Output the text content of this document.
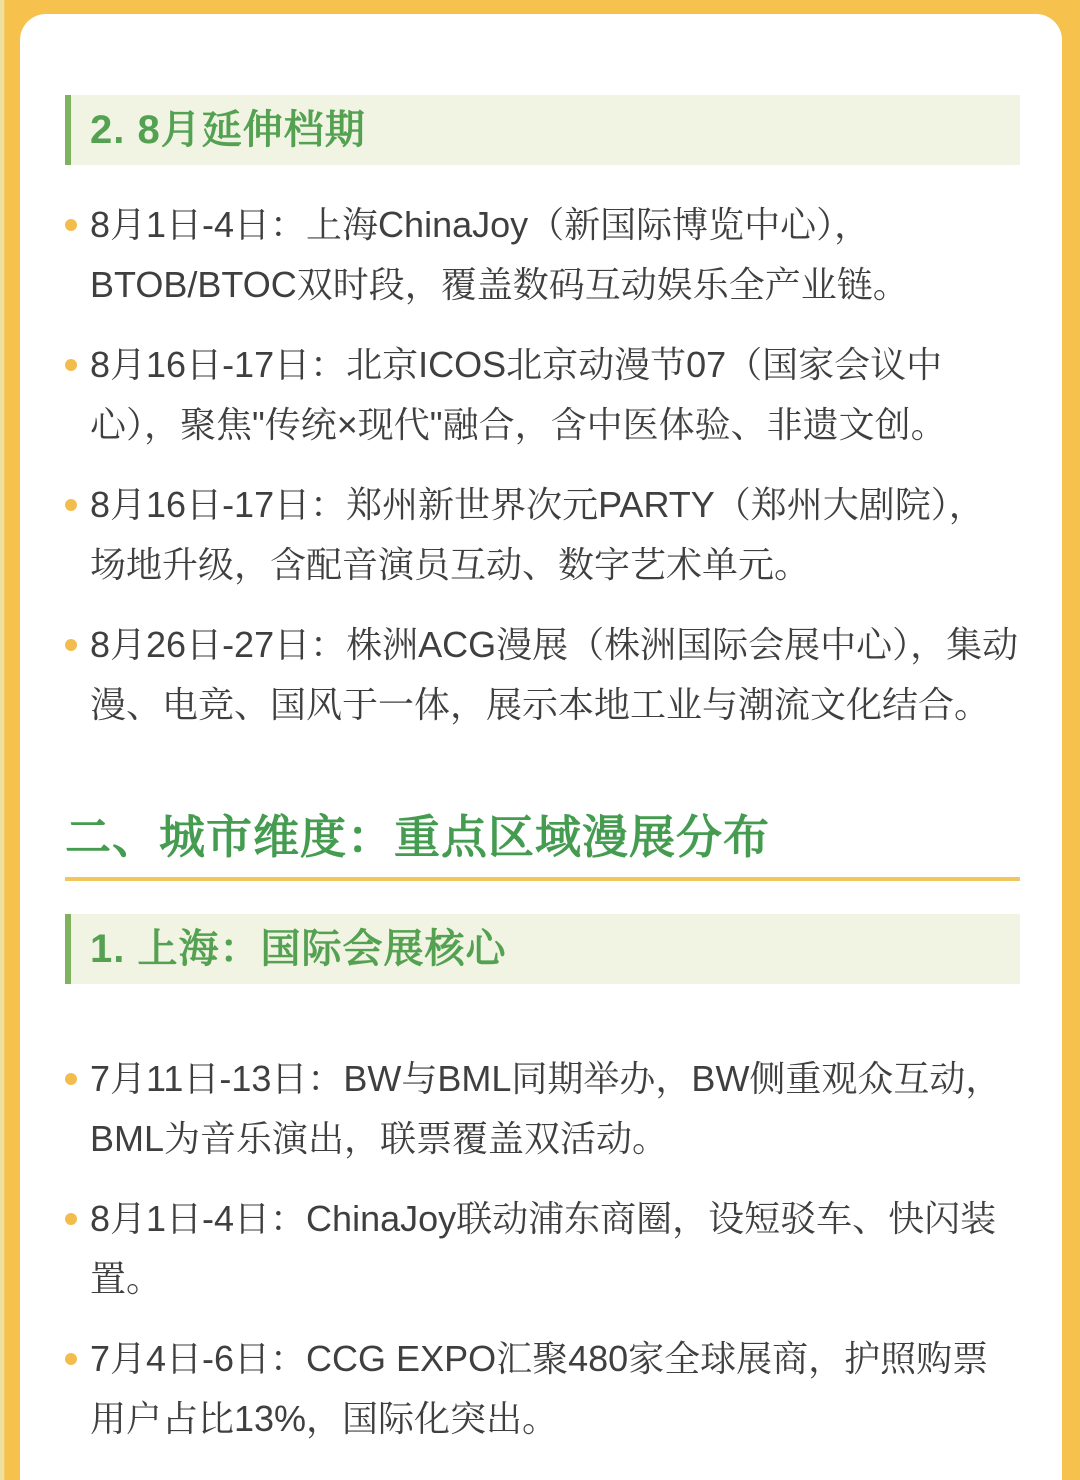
2. 8月延伸档期
8月1日-4日：上海ChinaJoy（新国际博览中心），BTOB/BTOC双时段，覆盖数码互动娱乐全产业链。
8月16日-17日：北京ICOS北京动漫节07（国家会议中心），聚焦"传统×现代"融合，含中医体验、非遗文创。
8月16日-17日：郑州新世界次元PARTY（郑州大剧院），场地升级，含配音演员互动、数字艺术单元。
8月26日-27日：株洲ACG漫展（株洲国际会展中心），集动漫、电竞、国风于一体，展示本地工业与潮流文化结合。
二、城市维度：重点区域漫展分布
1. 上海：国际会展核心
7月11日-13日：BW与BML同期举办，BW侧重观众互动，BML为音乐演出，联票覆盖双活动。
8月1日-4日：ChinaJoy联动浦东商圈，设短驳车、快闪装置。
7月4日-6日：CCG EXPO汇聚480家全球展商，护照购票用户占比13%，国际化突出。
